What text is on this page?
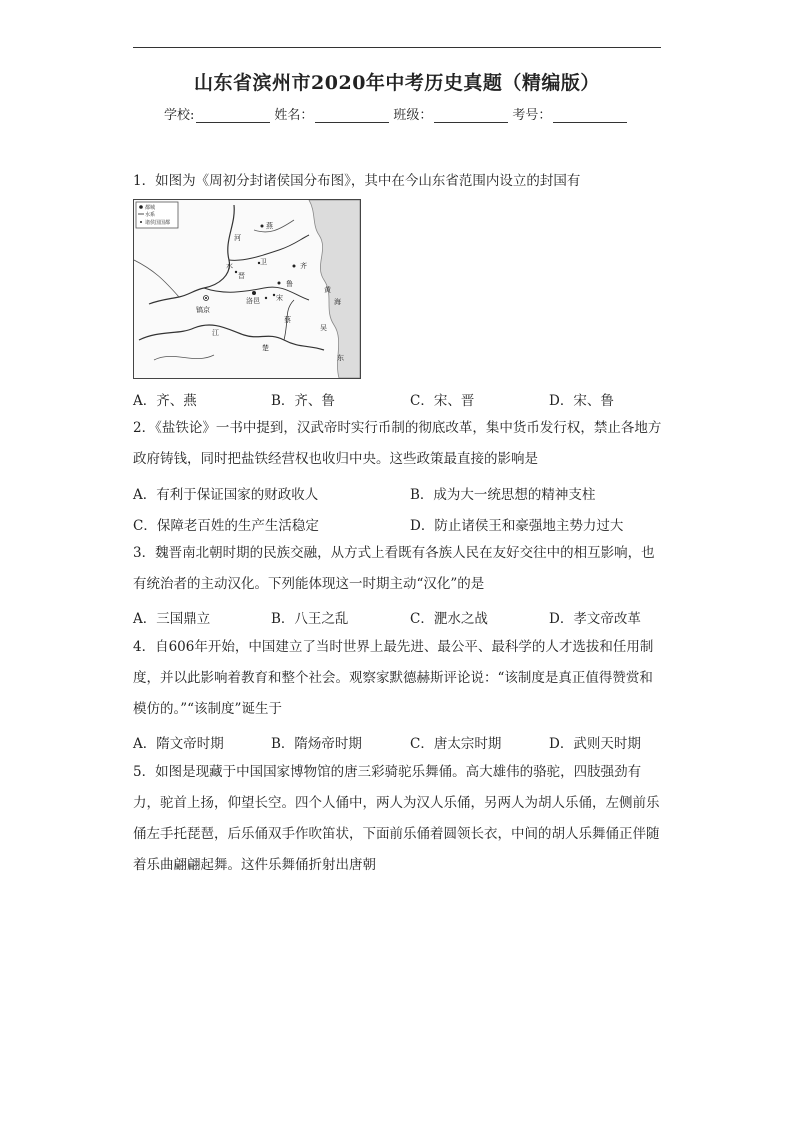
山东省滨州市2020年中考历史真题（精编版）
学校:	姓名：	班级：	考号：
1．如图为《周初分封诸侯国分布图》，其中在今山东省范围内设立的封国有
都城
水系
诸侯国国都	燕
镐京
洛邑
齐
鲁
晋
卫
宋
蔡
吴
楚
河
江
水
黄
海
东
A．齐、燕	B．齐、鲁	C．宋、晋	D．宋、鲁
2．《盐铁论》一书中提到，汉武帝时实行币制的彻底改革，集中货币发行权，禁止各地方政府铸钱，同时把盐铁经营权也收归中央。这些政策最直接的影响是
A．有利于保证国家的财政收人	B．成为大一统思想的精神支柱
C．保障老百姓的生产生活稳定	D．防止诸侯王和豪强地主势力过大
3．魏晋南北朝时期的民族交融，从方式上看既有各族人民在友好交往中的相互影响，也有统治者的主动汉化。下列能体现这一时期主动“汉化”的是
A．三国鼎立	B．八王之乱	C．淝水之战	D．孝文帝改革
4．自606年开始，中国建立了当时世界上最先进、最公平、最科学的人才选拔和任用制度，并以此影响着教育和整个社会。观察家默德赫斯评论说：“该制度是真正值得赞赏和模仿的。”“该制度”诞生于
A．隋文帝时期	B．隋炀帝时期	C．唐太宗时期	D．武则天时期
5．如图是现藏于中国国家博物馆的唐三彩骑驼乐舞俑。高大雄伟的骆驼，四肢强劲有力，驼首上扬，仰望长空。四个人俑中，两人为汉人乐俑，另两人为胡人乐俑，左侧前乐俑左手托琵琶，后乐俑双手作吹笛状，下面前乐俑着圆领长衣，中间的胡人乐舞俑正伴随着乐曲翩翩起舞。这件乐舞俑折射出唐朝
